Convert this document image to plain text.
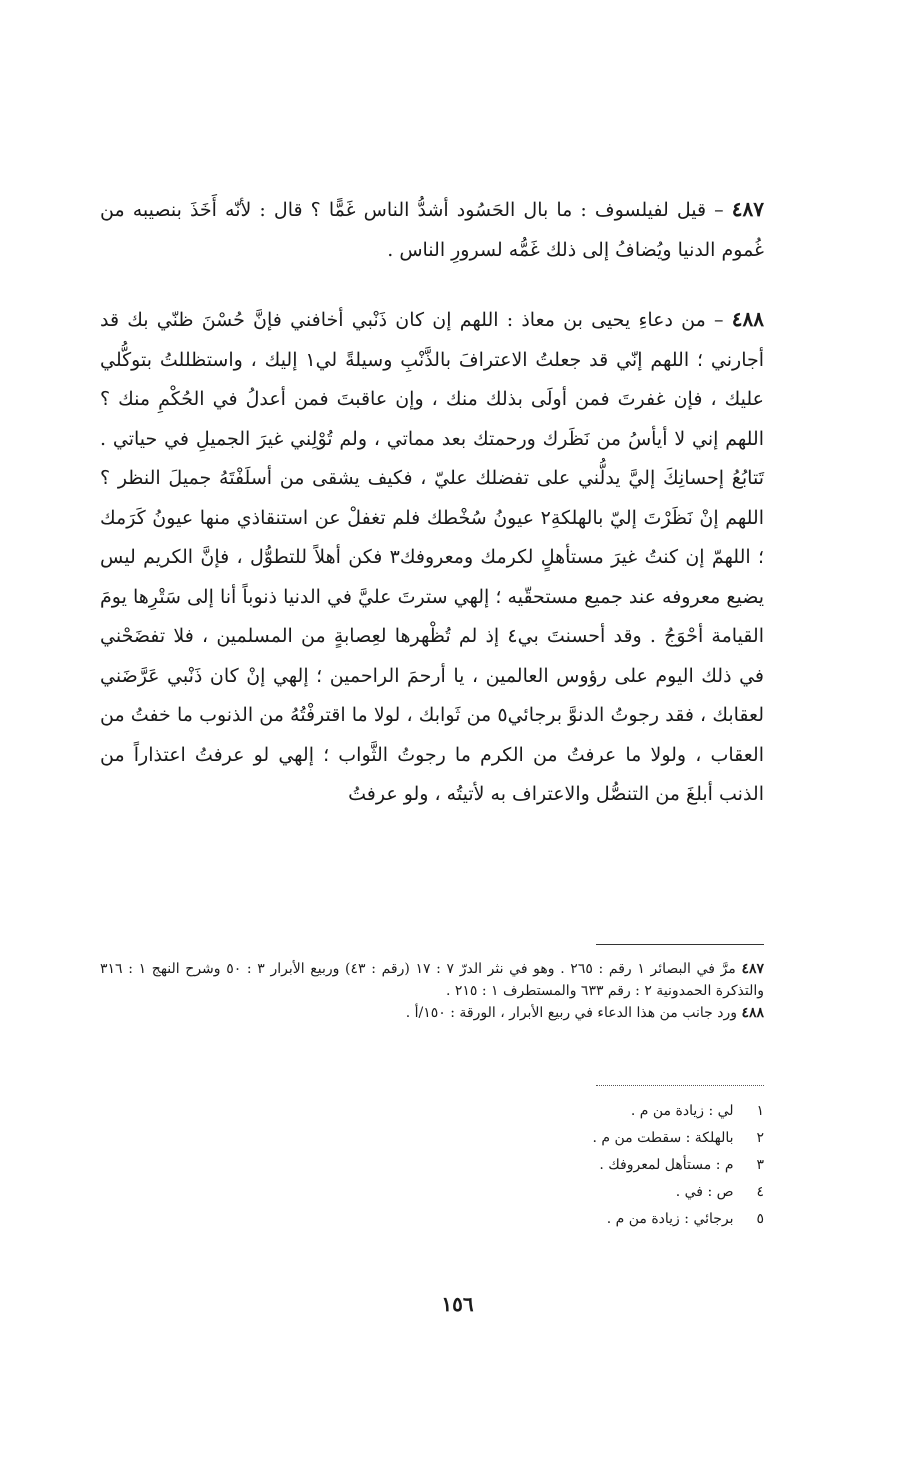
٤٨٧ – قيل لفيلسوف : ما بال الحَسُود أشدُّ الناس غَمًّا ؟ قال : لأنّه أَخَذَ بنصيبه من غُموم الدنيا ويُضافُ إلى ذلك غَمُّه لسرورِ الناس .

٤٨٨ – من دعاءِ يحيى بن معاذ : اللهم إن كان ذَنْبي أخافني فإنَّ حُسْنَ ظنّي بك قد أجارني ؛ اللهم إنّي قد جعلتُ الاعترافَ بالذَّنْبِ وسيلةً لي١ إليك ، واستظللتُ بتوكُّلي عليك ، فإن غفرتَ فمن أولَى بذلك منك ، وإن عاقبتَ فمن أعدلُ في الحُكْمِ منك ؟ اللهم إني لا أيأسُ من نَظَرك ورحمتك بعد مماتي ، ولم تُوْلِني غيرَ الجميلِ في حياتي . تَتابُعُ إحسانِكَ إليَّ يدلُّني على تفضلك عليّ ، فكيف يشقى من أسلَفْتَهُ جميلَ النظر ؟ اللهم إنْ نَظَرْتَ إليّ بالهلكةِ٢ عيونُ سُخْطك فلم تغفلْ عن استنقاذي منها عيونُ كَرَمك ؛ اللهمّ إن كنتُ غيرَ مستأهلٍ لكرمك ومعروفك٣ فكن أهلاً للتطوُّل ، فإنَّ الكريم ليس يضيع معروفه عند جميع مستحقّيه ؛ إلهي سترتَ عليَّ في الدنيا ذنوباً أنا إلى سَتْرِها يومَ القيامة أحْوَجُ . وقد أحسنتَ بي٤ إذ لم تُظْهرها لعِصابةٍ من المسلمين ، فلا تفضَحْني في ذلك اليوم على رؤوس العالمين ، يا أرحمَ الراحمين ؛ إلهي إنْ كان ذَنْبي عَرَّضَني لعقابك ، فقد رجوتُ الدنوَّ برجائي٥ من ثَوابك ، لولا ما اقترفْتُهُ من الذنوب ما خفتُ من العقاب ، ولولا ما عرفتُ من الكرم ما رجوتُ الثَّواب ؛ إلهي لو عرفتُ اعتذاراً من الذنب أبلغَ من التنصُّل والاعتراف به لأتيتُه ، ولو عرفتُ

٤٨٧ مرَّ في البصائر ١ رقم : ٢٦٥ . وهو في نثر الدرّ ٧ : ١٧ (رقم : ٤٣) وربيع الأبرار ٣ : ٥٠ وشرح النهج ١ : ٣١٦ والتذكرة الحمدونية ٢ : رقم ٦٣٣ والمستطرف ١ : ٢١٥ .

٤٨٨ ورد جانب من هذا الدعاء في ربيع الأبرار ، الورقة : ١٥٠/أ .

١ لي : زيادة من م .
٢ بالهلكة : سقطت من م .
٣ م : مستأهل لمعروفك .
٤ ص : في .
٥ برجائي : زيادة من م .
١٥٦
